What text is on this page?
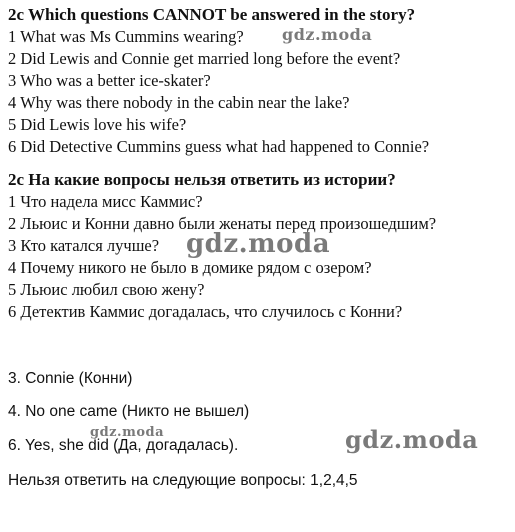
2c Which questions CANNOT be answered in the story?
1 What was Ms Cummins wearing?
2 Did Lewis and Connie get married long before the event?
3 Who was a better ice-skater?
4 Why was there nobody in the cabin near the lake?
5 Did Lewis love his wife?
6 Did Detective Cummins guess what had happened to Connie?
2c На какие вопросы нельзя ответить из истории?
1 Что надела мисс Каммис?
2 Льюис и Конни давно были женаты перед произошедшим?
3 Кто катался лучше?
4 Почему никого не было в домике рядом с озером?
5 Льюис любил свою жену?
6 Детектив Каммис догадалась, что случилось с Конни?
3. Connie (Конни)
4. No one came (Никто не вышел)
6. Yes, she did (Да, догадалась).
Нельзя ответить на следующие вопросы: 1,2,4,5
gdz.moda
gdz.moda
gdz.moda	gdz.moda
